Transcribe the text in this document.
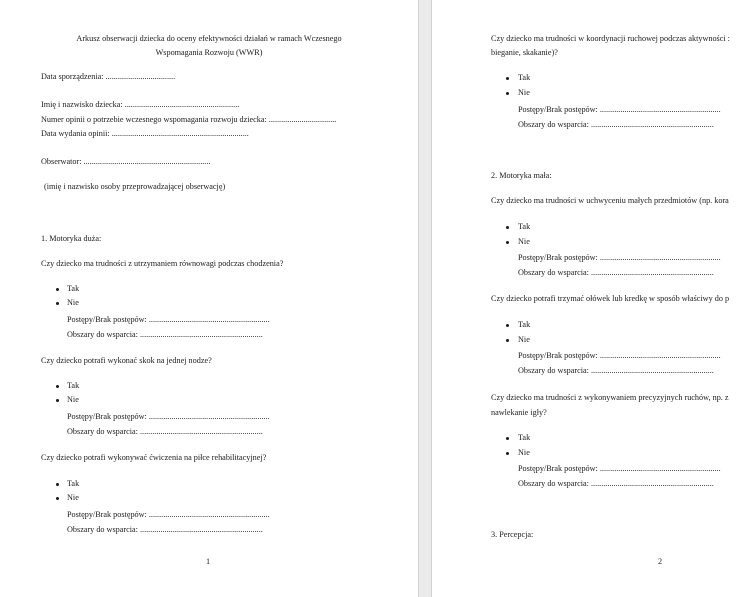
Arkusz obserwacji dziecka do oceny efektywności działań w ramach Wczesnego
Wspomagania Rozwoju (WWR)
Data sporządzenia: ..................................
Imię i nazwisko dziecka: ........................................................
Numer opinii o potrzebie wczesnego wspomagania rozwoju dziecka: .................................
Data wydania opinii: ...................................................................
Obserwator: ..............................................................
(imię i nazwisko osoby przeprowadzającej obserwację)
1. Motoryka duża:
Czy dziecko ma trudności z utrzymaniem równowagi podczas chodzenia?
Tak
Nie
Postępy/Brak postępów: ...........................................................
Obszary do wsparcia: ............................................................
Czy dziecko potrafi wykonać skok na jednej nodze?
Tak
Nie
Postępy/Brak postępów: ...........................................................
Obszary do wsparcia: ............................................................
Czy dziecko potrafi wykonywać ćwiczenia na piłce rehabilitacyjnej?
Tak
Nie
Postępy/Brak postępów: ...........................................................
Obszary do wsparcia: ............................................................
1
Czy dziecko ma trudności w koordynacji ruchowej podczas aktywności :
bieganie, skakanie)?
Tak
Nie
Postępy/Brak postępów: ...........................................................
Obszary do wsparcia: ............................................................
2. Motoryka mała:
Czy dziecko ma trudności w uchwyceniu małych przedmiotów (np. kora
Tak
Nie
Postępy/Brak postępów: ...........................................................
Obszary do wsparcia: ............................................................
Czy dziecko potrafi trzymać ołówek lub kredkę w sposób właściwy do p
Tak
Nie
Postępy/Brak postępów: ...........................................................
Obszary do wsparcia: ............................................................
Czy dziecko ma trudności z wykonywaniem precyzyjnych ruchów, np. z
nawlekanie igły?
Tak
Nie
Postępy/Brak postępów: ...........................................................
Obszary do wsparcia: ............................................................
3. Percepcja:
2
